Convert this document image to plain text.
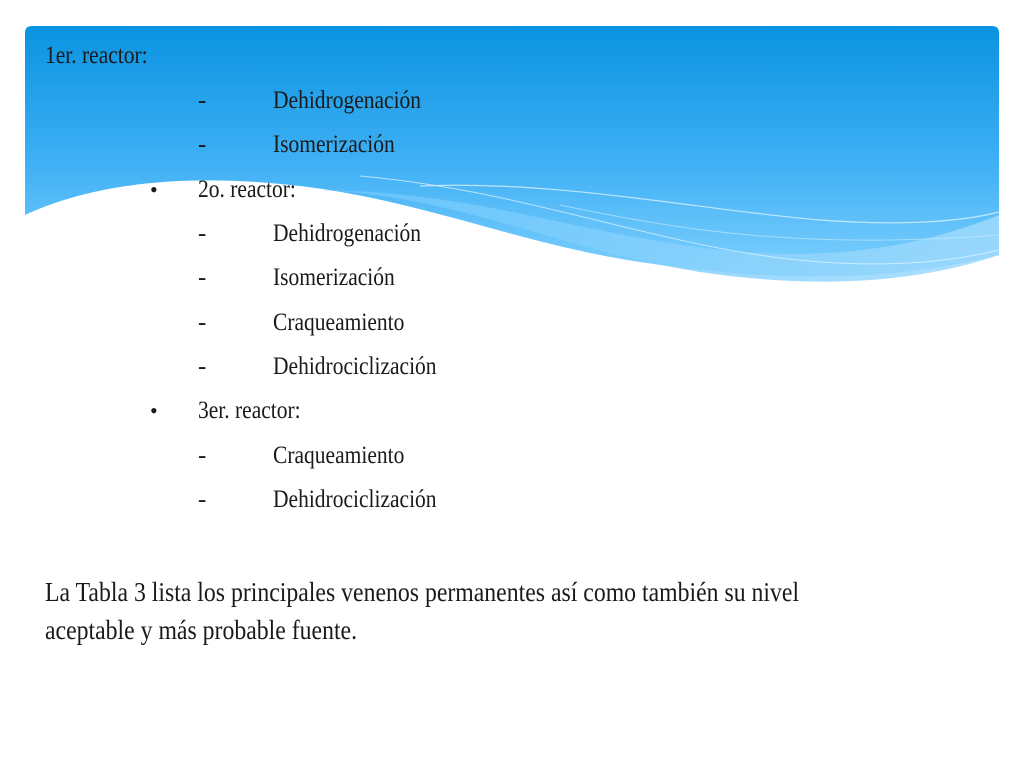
1er. reactor:
-	Dehidrogenación
-	Isomerización
• 2o. reactor:
-	Dehidrogenación
-	Isomerización
-	Craqueamiento
-	Dehidrociclización
• 3er. reactor:
-	Craqueamiento
-	Dehidrociclización
La Tabla 3 lista los principales venenos permanentes así como también su nivel aceptable y más probable fuente.
